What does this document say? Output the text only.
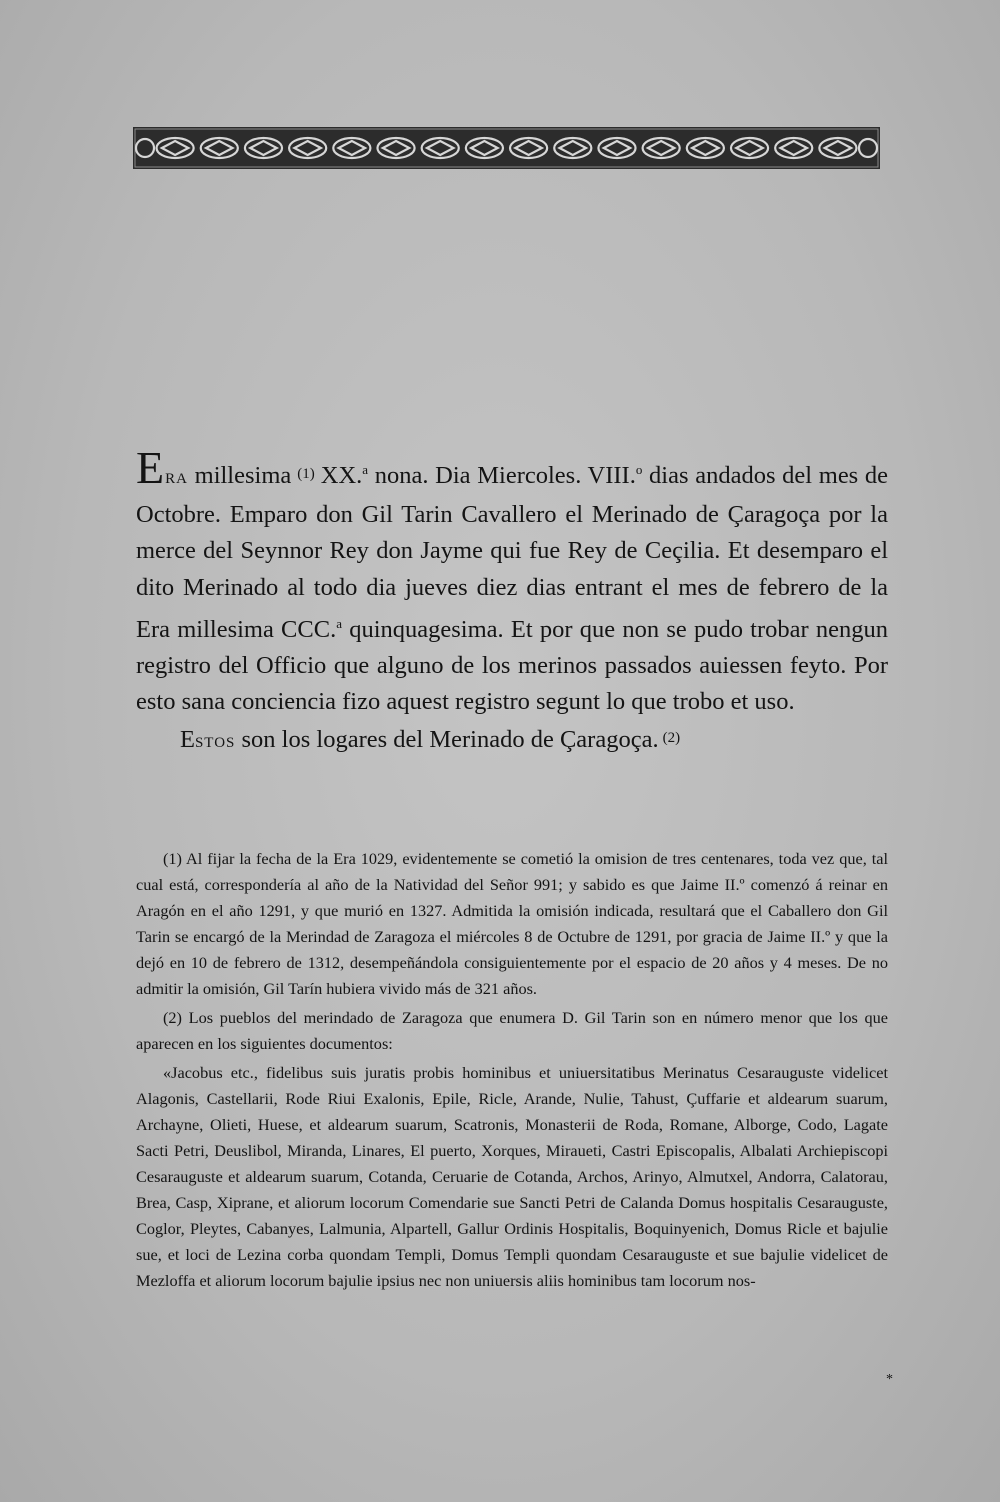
ERA millesima $^{(1)}$ XX.$^a$ nona. Dia Miercoles. VIII.$^o$ dias andados del mes de Octobre. Emparo don Gil Tarin Cavallero el Merinado de Çaragoça por la merce del Seynnor Rey don Jayme qui fue Rey de Ceçilia. Et desemparo el dito Merinado al todo dia jueves diez dias entrant el mes de febrero de la Era millesima CCC.$^a$ quinquagesima. Et por que non se pudo trobar nengun registro del Officio que alguno de los merinos passados auiessen feyto. Por esto sana conciencia fizo aquest registro segunt lo que trobo et uso.

ESTOS son los logares del Merinado de Çaragoça. $^{(2)}$

(1) Al fijar la fecha de la Era 1029, evidentemente se cometió la omision de tres centenares, toda vez que, tal cual está, correspondería al año de la Natividad del Señor 991; y sabido es que Jaime II.º comenzó á reinar en Aragón en el año 1291, y que murió en 1327. Admitida la omisión indicada, resultará que el Caballero don Gil Tarin se encargó de la Merindad de Zaragoza el miércoles 8 de Octubre de 1291, por gracia de Jaime II.º y que la dejó en 10 de febrero de 1312, desempeñándola consiguientemente por el espacio de 20 años y 4 meses. De no admitir la omisión, Gil Tarín hubiera vivido más de 321 años.

(2) Los pueblos del merindado de Zaragoza que enumera D. Gil Tarin son en número menor que los que aparecen en los siguientes documentos:

«Jacobus etc., fidelibus suis juratis probis hominibus et uniuersitatibus Merinatus Cesarauguste videlicet Alagonis, Castellarii, Rode Riui Exalonis, Epile, Ricle, Arande, Nulie, Tahust, Çuffarie et aldearum suarum, Archayne, Olieti, Huese, et aldearum suarum, Scatronis, Monasterii de Roda, Romane, Alborge, Codo, Lagate Sacti Petri, Deuslibol, Miranda, Linares, El puerto, Xorques, Miraueti, Castri Episcopalis, Albalati Archiepiscopi Cesarauguste et aldearum suarum, Cotanda, Ceruarie de Cotanda, Archos, Arinyo, Almutxel, Andorra, Calatorau, Brea, Casp, Xiprane, et aliorum locorum Comendarie sue Sancti Petri de Calanda Domus hospitalis Cesarauguste, Coglor, Pleytes, Cabanyes, Lalmunia, Alpartell, Gallur Ordinis Hospitalis, Boquinyenich, Domus Ricle et bajulie sue, et loci de Lezina corba quondam Templi, Domus Templi quondam Cesarauguste et sue bajulie videlicet de Mezloffa et aliorum locorum bajulie ipsius nec non uniuersis aliis hominibus tam locorum nos-

*
